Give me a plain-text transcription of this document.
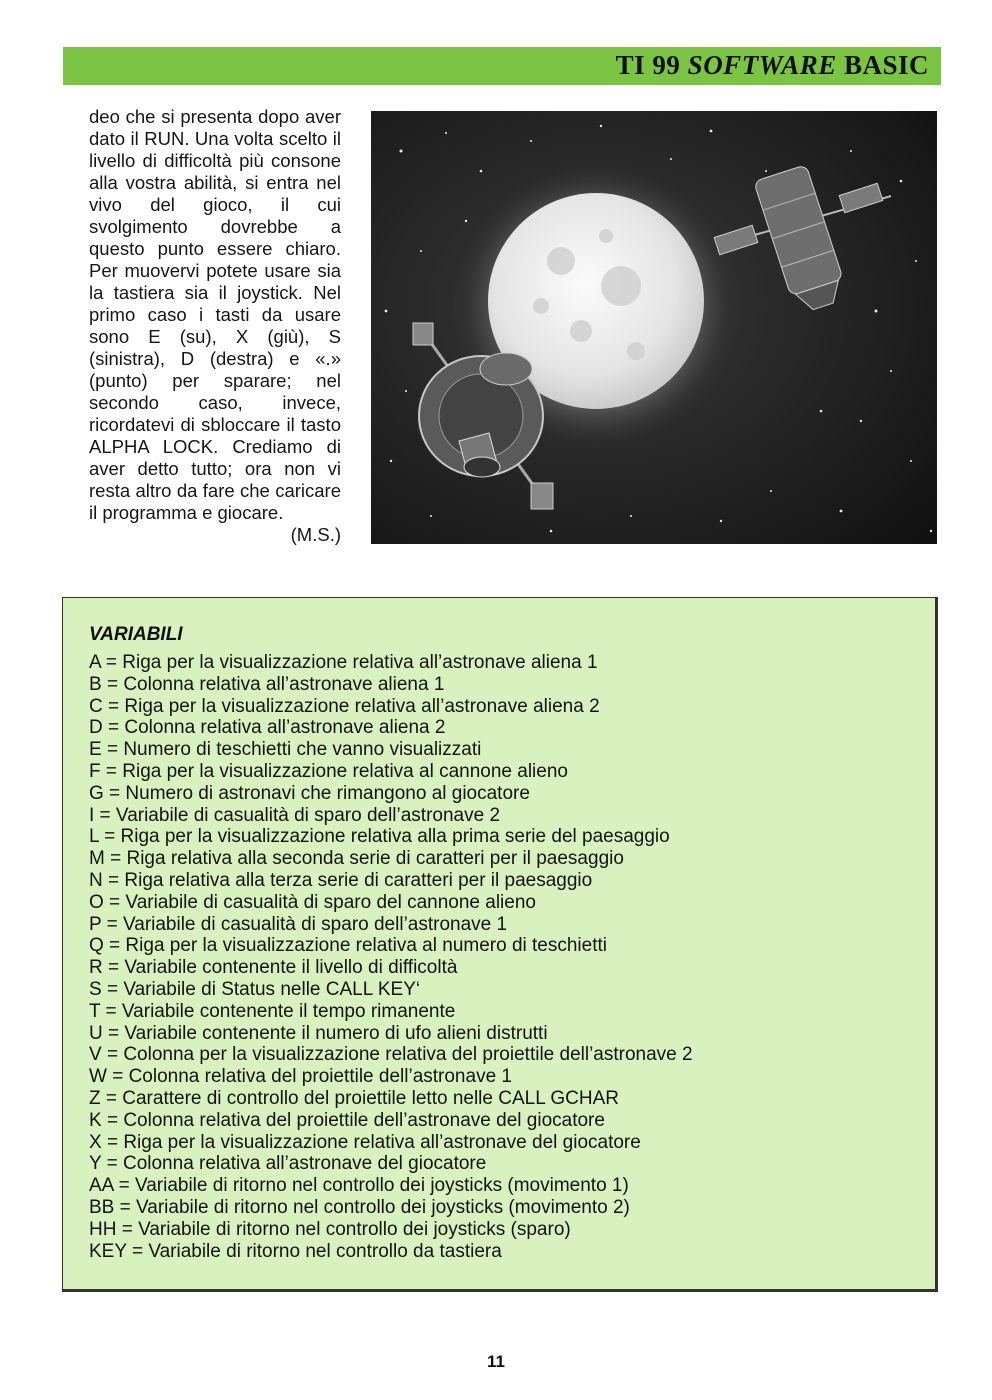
TI 99 SOFTWARE BASIC

deo che si presenta dopo aver dato il RUN. Una volta scelto il livello di difficoltà più consone alla vostra abilità, si entra nel vivo del gioco, il cui svolgimento dovrebbe a questo punto essere chiaro. Per muovervi potete usare sia la tastiera sia il joystick. Nel primo caso i tasti da usare sono E (su), X (giù), S (sinistra), D (destra) e «.» (punto) per sparare; nel secondo caso, invece, ricordatevi di sbloccare il tasto ALPHA LOCK. Crediamo di aver detto tutto; ora non vi resta altro da fare che caricare il programma e giocare.

(M.S.)
VARIABILI
A = Riga per la visualizzazione relativa all’astronave aliena 1
B = Colonna relativa all’astronave aliena 1
C = Riga per la visualizzazione relativa all’astronave aliena 2
D = Colonna relativa all’astronave aliena 2
E = Numero di teschietti che vanno visualizzati
F = Riga per la visualizzazione relativa al cannone alieno
G = Numero di astronavi che rimangono al giocatore
I = Variabile di casualità di sparo dell’astronave 2
L = Riga per la visualizzazione relativa alla prima serie del paesaggio
M = Riga relativa alla seconda serie di caratteri per il paesaggio
N = Riga relativa alla terza serie di caratteri per il paesaggio
O = Variabile di casualità di sparo del cannone alieno
P = Variabile di casualità di sparo dell’astronave 1
Q = Riga per la visualizzazione relativa al numero di teschietti
R = Variabile contenente il livello di difficoltà
S = Variabile di Status nelle CALL KEY‘
T = Variabile contenente il tempo rimanente
U = Variabile contenente il numero di ufo alieni distrutti
V = Colonna per la visualizzazione relativa del proiettile dell’astronave 2
W = Colonna relativa del proiettile dell’astronave 1
Z = Carattere di controllo del proiettile letto nelle CALL GCHAR
K = Colonna relativa del proiettile dell’astronave del giocatore
X = Riga per la visualizzazione relativa all’astronave del giocatore
Y = Colonna relativa all’astronave del giocatore
AA = Variabile di ritorno nel controllo dei joysticks (movimento 1)
BB = Variabile di ritorno nel controllo dei joysticks (movimento 2)
HH = Variabile di ritorno nel controllo dei joysticks (sparo)
KEY = Variabile di ritorno nel controllo da tastiera
11
